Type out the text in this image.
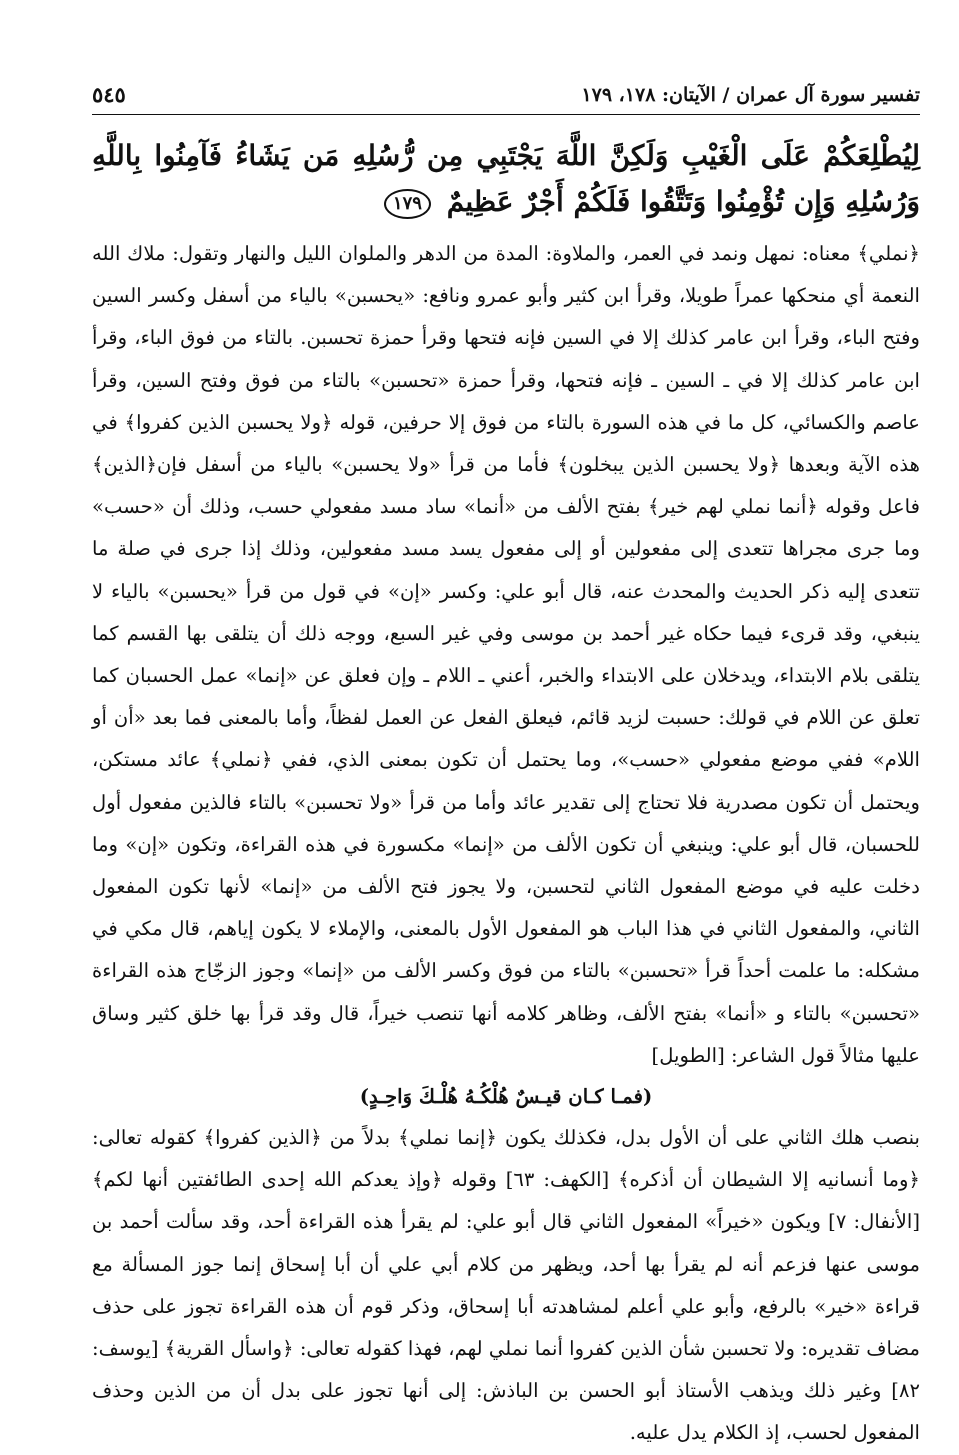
تفسير سورة آل عمران / الآيتان: ١٧٨، ١٧٩
٥٤٥
لِيُطْلِعَكُمْ عَلَى الْغَيْبِ وَلَكِنَّ اللَّهَ يَجْتَبِي مِن رُّسُلِهِ مَن يَشَاءُ فَآمِنُوا بِاللَّهِ وَرُسُلِهِ وَإِن تُؤْمِنُوا وَتَتَّقُوا فَلَكُمْ أَجْرٌ عَظِيمٌ ١٧٩

﴿نملي﴾ معناه: نمهل ونمد في العمر، والملاوة: المدة من الدهر والملوان الليل والنهار وتقول: ملاك الله النعمة أي منحكها عمراً طويلا، وقرأ ابن كثير وأبو عمرو ونافع: «يحسبن» بالياء من أسفل وكسر السين وفتح الباء، وقرأ ابن عامر كذلك إلا في السين فإنه فتحها وقرأ حمزة تحسبن. بالتاء من فوق الباء، وقرأ ابن عامر كذلك إلا في ـ السين ـ فإنه فتحها، وقرأ حمزة «تحسبن» بالتاء من فوق وفتح السين، وقرأ عاصم والكسائي، كل ما في هذه السورة بالتاء من فوق إلا حرفين، قوله ﴿ولا يحسبن الذين كفروا﴾ في هذه الآية وبعدها ﴿ولا يحسبن الذين يبخلون﴾ فأما من قرأ «ولا يحسبن» بالياء من أسفل فإن﴿الذين﴾ فاعل وقوله ﴿أنما نملي لهم خير﴾ بفتح الألف من «أنما» ساد مسد مفعولي حسب، وذلك أن «حسب» وما جرى مجراها تتعدى إلى مفعولين أو إلى مفعول يسد مسد مفعولين، وذلك إذا جرى في صلة ما تتعدى إليه ذكر الحديث والمحدث عنه، قال أبو علي: وكسر «إن» في قول من قرأ «يحسبن» بالياء لا ينبغي، وقد قرىء فيما حكاه غير أحمد بن موسى وفي غير السبع، ووجه ذلك أن يتلقى بها القسم كما يتلقى بلام الابتداء، ويدخلان على الابتداء والخبر، أعني ـ اللام ـ وإن فعلق عن «إنما» عمل الحسبان كما تعلق عن اللام في قولك: حسبت لزيد قائم، فيعلق الفعل عن العمل لفظاً، وأما بالمعنى فما بعد «أن أو اللام» ففي موضع مفعولي «حسب»، وما يحتمل أن تكون بمعنى الذي، ففي ﴿نملي﴾ عائد مستكن، ويحتمل أن تكون مصدرية فلا تحتاج إلى تقدير عائد وأما من قرأ «ولا تحسبن» بالتاء فالذين مفعول أول للحسبان، قال أبو علي: وينبغي أن تكون الألف من «إنما» مكسورة في هذه القراءة، وتكون «إن» وما دخلت عليه في موضع المفعول الثاني لتحسبن، ولا يجوز فتح الألف من «إنما» لأنها تكون المفعول الثاني، والمفعول الثاني في هذا الباب هو المفعول الأول بالمعنى، والإملاء لا يكون إياهم، قال مكي في مشكله: ما علمت أحداً قرأ «تحسبن» بالتاء من فوق وكسر الألف من «إنما» وجوز الزجّاج هذه القراءة «تحسبن» بالتاء و «أنما» بفتح الألف، وظاهر كلامه أنها تنصب خيراً، قال وقد قرأ بها خلق كثير وساق عليها مثالاً قول الشاعر: [الطويل]

(فمـا كـان قيـسٌ هُلْكُـهُ هُلْـكَ وَاحِـدٍ)

بنصب هلك الثاني على أن الأول بدل، فكذلك يكون ﴿إنما نملي﴾ بدلاً من ﴿الذين كفروا﴾ كقوله تعالى: ﴿وما أنسانيه إلا الشيطان أن أذكره﴾ [الكهف: ٦٣] وقوله ﴿وإذ يعدكم الله إحدى الطائفتين أنها لكم﴾ [الأنفال: ٧] ويكون «خيراً» المفعول الثاني قال أبو علي: لم يقرأ هذه القراءة أحد، وقد سألت أحمد بن موسى عنها فزعم أنه لم يقرأ بها أحد، ويظهر من كلام أبي علي أن أبا إسحاق إنما جوز المسألة مع قراءة «خير» بالرفع، وأبو علي أعلم لمشاهدته أبا إسحاق، وذكر قوم أن هذه القراءة تجوز على حذف مضاف تقديره: ولا تحسبن شأن الذين كفروا أنما نملي لهم، فهذا كقوله تعالى: ﴿واسأل القرية﴾ [يوسف: ٨٢] وغير ذلك ويذهب الأستاذ أبو الحسن بن الباذش: إلى أنها تجوز على بدل أن من الذين وحذف المفعول لحسب، إذ الكلام يدل عليه.
